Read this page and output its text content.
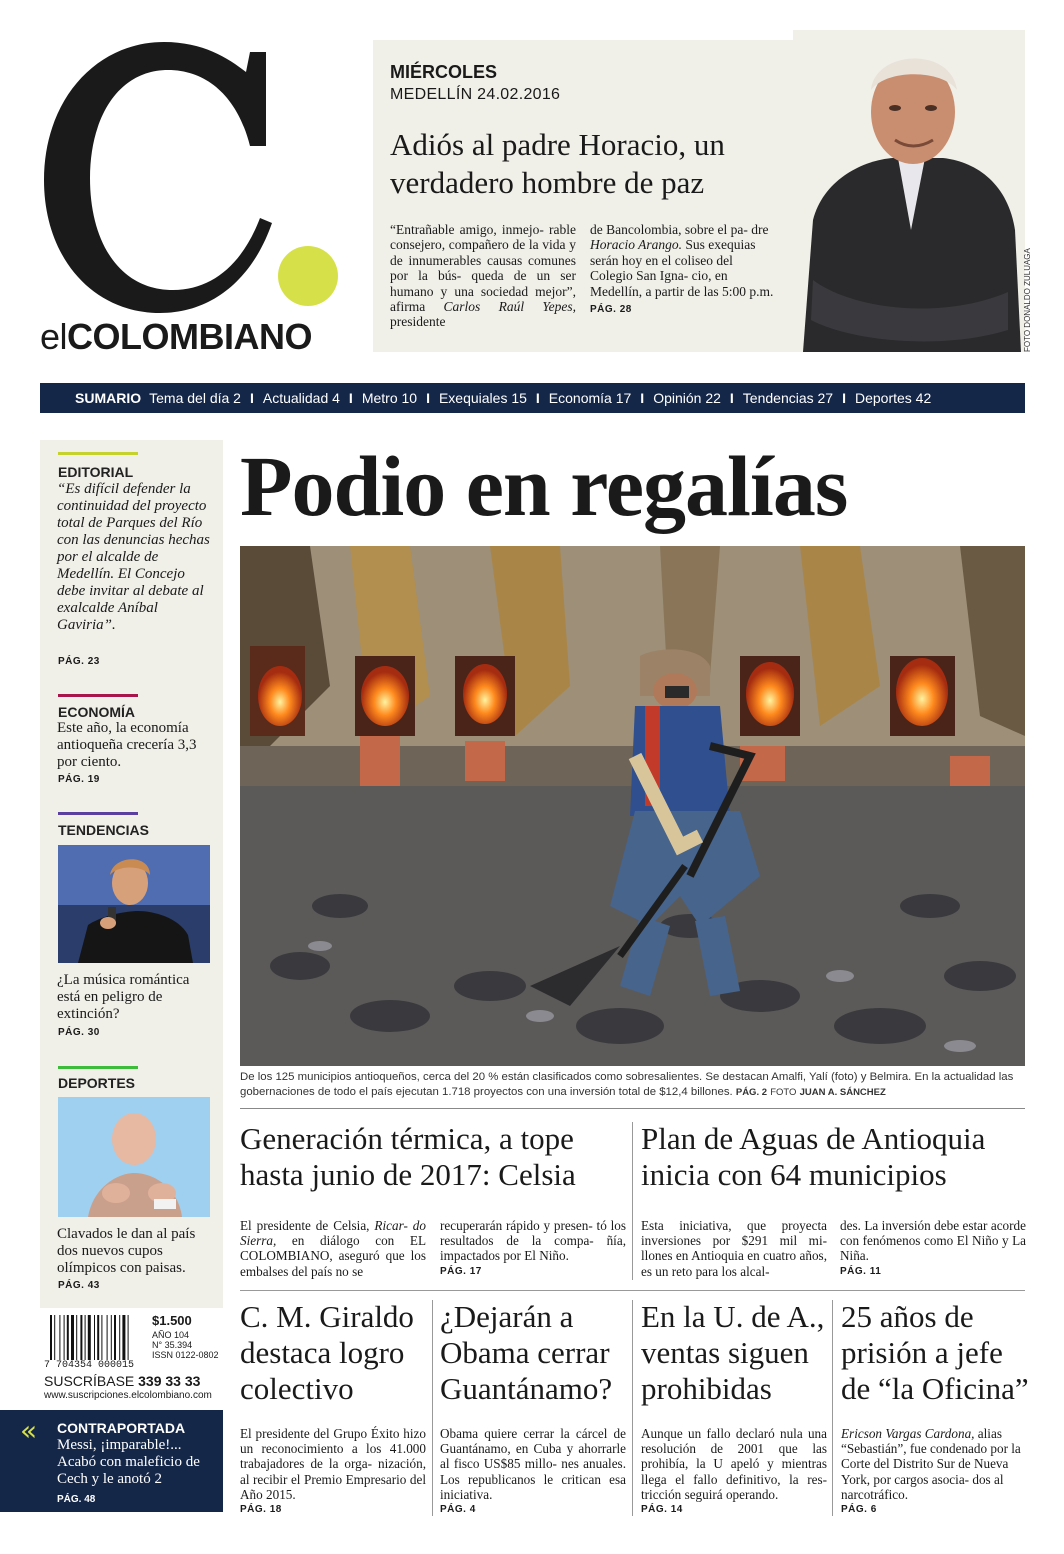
elCOLOMBIANO
MIÉRCOLES
MEDELLÍN 24.02.2016
Adiós al padre Horacio, un verdadero hombre de paz
“Entrañable amigo, inmejo- rable consejero, compañero de la vida y de innumerables causas comunes por la bús- queda de un ser humano y una sociedad mejor”, afirma Carlos Raúl Yepes, presidente
de Bancolombia, sobre el pa- dre Horacio Arango. Sus exequias serán hoy en el coliseo del Colegio San Igna- cio, en Medellín, a partir de las 5:00 p.m.
PÁG. 28	FOTO DONALDO ZULUAGA
SUMARIO Tema del día 2 I Actualidad 4 I Metro 10 I Exequiales 15 I Economía 17 I Opinión 22 I Tendencias 27 I Deportes 42
EDITORIAL
“Es difícil defender la continuidad del proyecto total de Parques del Río con las denuncias hechas por el alcalde de Medellín. El Concejo debe invitar al debate al exalcalde Aníbal Gaviria”.
PÁG. 23
ECONOMÍA
Este año, la economía antioqueña crecería 3,3 por ciento.
PÁG. 19
TENDENCIAS
¿La música romántica está en peligro de extinción?
PÁG. 30
DEPORTES
Clavados le dan al país dos nuevos cupos olímpicos con paisas.
PÁG. 43
7 704354 000015
$1.500
AÑO 104
N° 35.394
ISSN 0122-0802
SUSCRÍBASE 339 33 33
www.suscripciones.elcolombiano.com
« CONTRAPORTADA
Messi, ¡imparable!... Acabó con maleficio de Cech y le anotó 2
PÁG. 48
Podio en regalías
De los 125 municipios antioqueños, cerca del 20 % están clasificados como sobresalientes. Se destacan Amalfi, Yalí (foto) y Belmira. En la actualidad las gobernaciones de todo el país ejecutan 1.718 proyectos con una inversión total de $12,4 billones. PÁG. 2 FOTO JUAN A. SÁNCHEZ
Generación térmica, a tope hasta junio de 2017: Celsia
El presidente de Celsia, Ricar- do Sierra, en diálogo con EL COLOMBIANO, aseguró que los embalses del país no se
recuperarán rápido y presen- tó los resultados de la compa- ñía, impactados por El Niño.
PÁG. 17
Plan de Aguas de Antioquia inicia con 64 municipios
Esta iniciativa, que proyecta inversiones por $291 mil mi- llones en Antioquia en cuatro años, es un reto para los alcal-
des. La inversión debe estar acorde con fenómenos como El Niño y La Niña.
PÁG. 11
C. M. Giraldo destaca logro colectivo
El presidente del Grupo Éxito hizo un reconocimiento a los 41.000 trabajadores de la orga- nización, al recibir el Premio Empresario del Año 2015.
PÁG. 18
¿Dejarán a Obama cerrar Guantánamo?
Obama quiere cerrar la cárcel de Guantánamo, en Cuba y ahorrarle al fisco US$85 millo- nes anuales. Los republicanos le critican esa iniciativa.
PÁG. 4
En la U. de A., ventas siguen prohibidas
Aunque un fallo declaró nula una resolución de 2001 que las prohibía, la U apeló y mientras llega el fallo definitivo, la res- tricción seguirá operando.
PÁG. 14
25 años de prisión a jefe de “la Oficina”
Ericson Vargas Cardona, alias “Sebastián”, fue condenado por la Corte del Distrito Sur de Nueva York, por cargos asocia- dos al narcotráfico.
PÁG. 6
